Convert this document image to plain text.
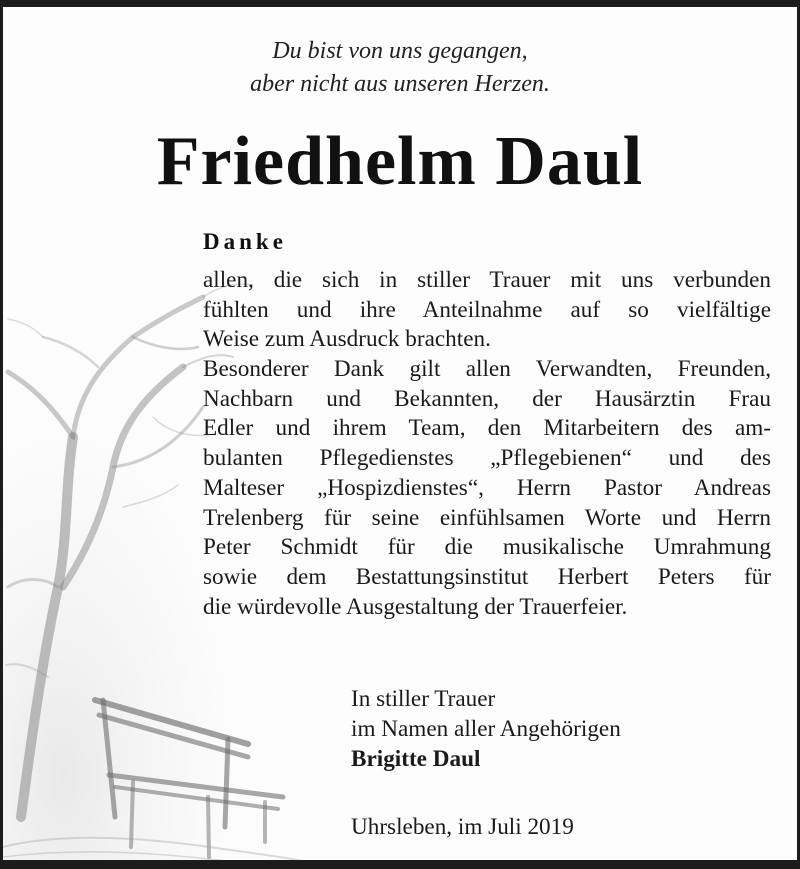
Du bist von uns gegangen,
aber nicht aus unseren Herzen.
Friedhelm Daul
Danke
allen, die sich in stiller Trauer mit uns verbunden
fühlten und ihre Anteilnahme auf so vielfältige
Weise zum Ausdruck brachten.
Besonderer Dank gilt allen Verwandten, Freunden,
Nachbarn und Bekannten, der Hausärztin Frau
Edler und ihrem Team, den Mitarbeitern des am-
bulanten Pflegedienstes „Pflegebienen“ und des
Malteser „Hospizdienstes“, Herrn Pastor Andreas
Trelenberg für seine einfühlsamen Worte und Herrn
Peter Schmidt für die musikalische Umrahmung
sowie dem Bestattungsinstitut Herbert Peters für
die würdevolle Ausgestaltung der Trauerfeier.
In stiller Trauer
im Namen aller Angehörigen
Brigitte Daul
Uhrsleben, im Juli 2019
